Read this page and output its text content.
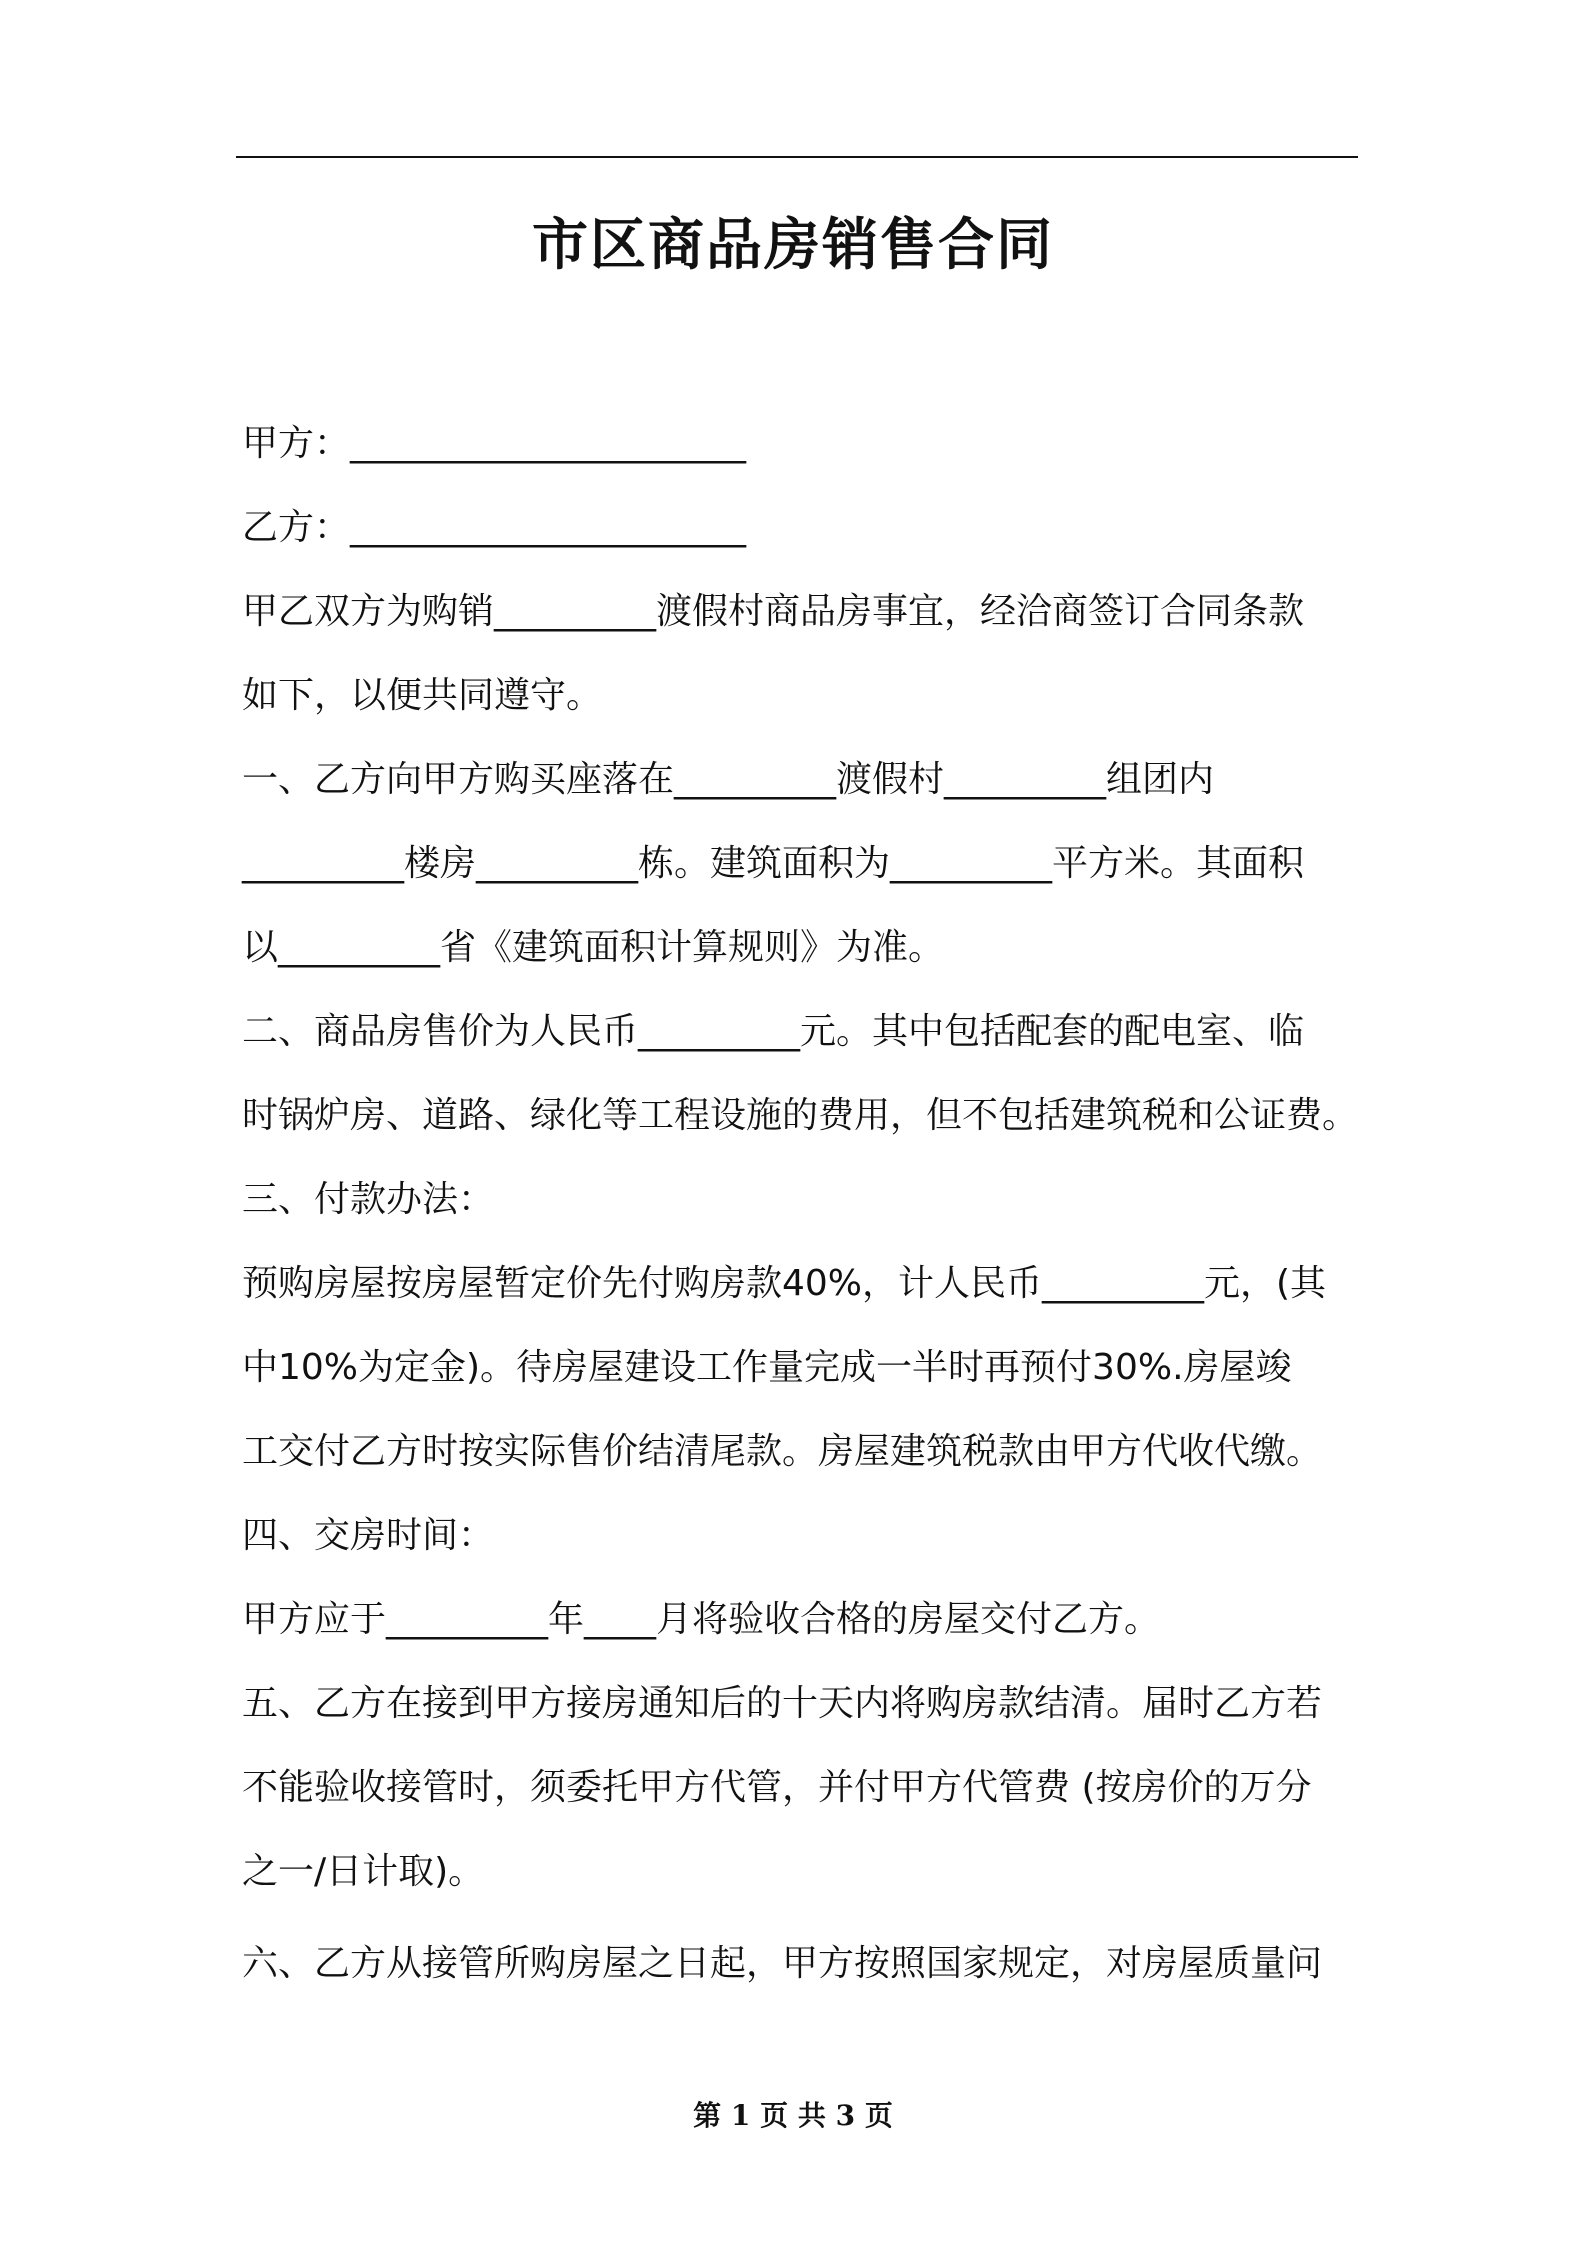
市区商品房销售合同
甲方：______________________
乙方：______________________
甲乙双方为购销_________渡假村商品房事宜，经洽商签订合同条款
如下，以便共同遵守。
一、乙方向甲方购买座落在_________渡假村_________组团内
_________楼房_________栋。建筑面积为_________平方米。其面积
以_________省《建筑面积计算规则》为准。
二、商品房售价为人民币_________元。其中包括配套的配电室、临
时锅炉房、道路、绿化等工程设施的费用，但不包括建筑税和公证费。
三、付款办法：
预购房屋按房屋暂定价先付购房款40%，计人民币_________元，(其
中10%为定金)。待房屋建设工作量完成一半时再预付30%.房屋竣
工交付乙方时按实际售价结清尾款。房屋建筑税款由甲方代收代缴。
四、交房时间：
甲方应于_________年____月将验收合格的房屋交付乙方。
五、乙方在接到甲方接房通知后的十天内将购房款结清。届时乙方若
不能验收接管时，须委托甲方代管，并付甲方代管费 (按房价的万分
之一/日计取)。
六、乙方从接管所购房屋之日起，甲方按照国家规定，对房屋质量问
第 1 页 共 3 页
